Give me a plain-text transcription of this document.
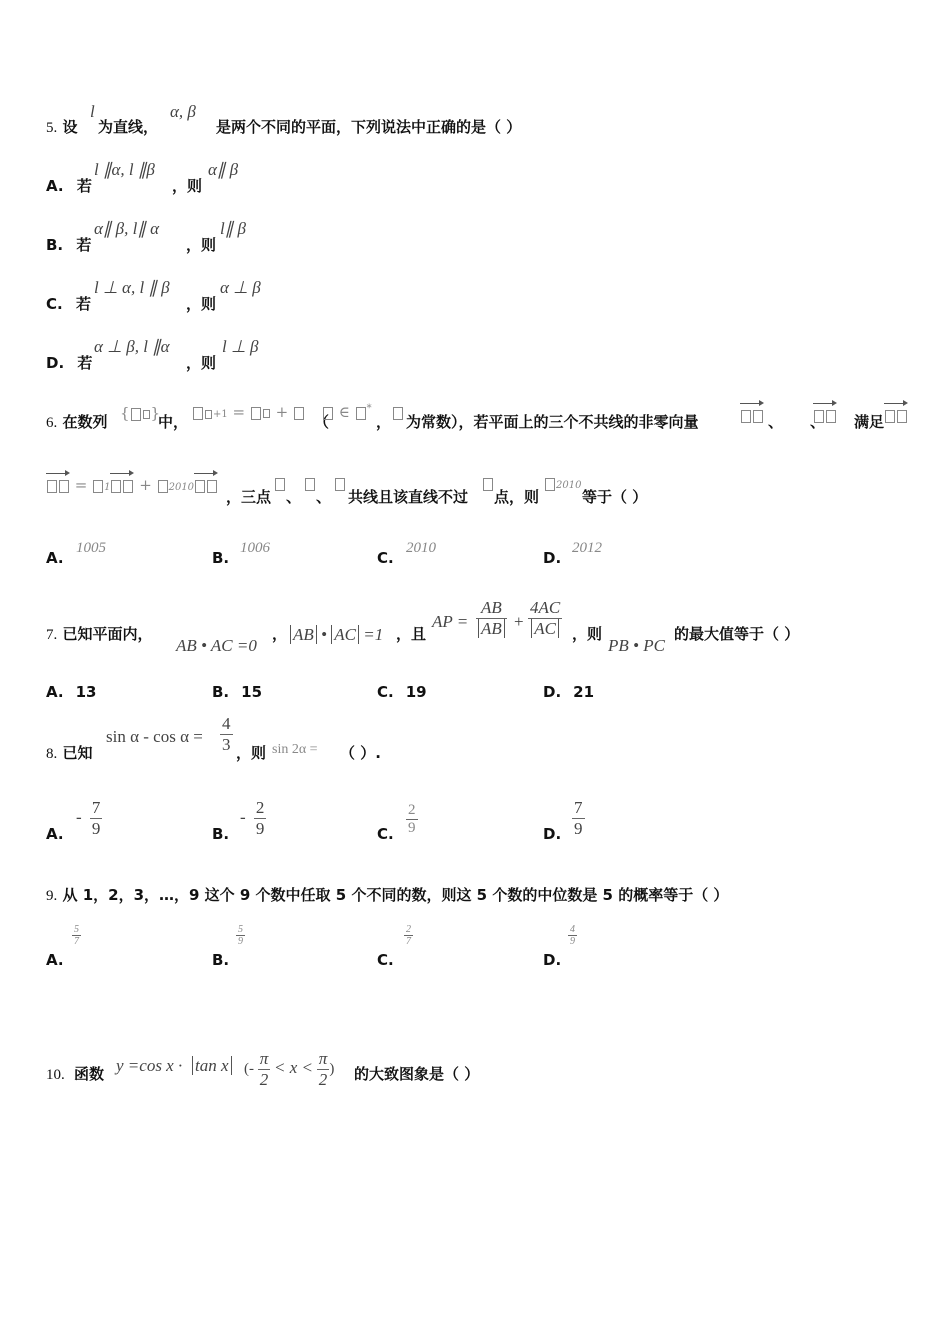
5. 设
l
为直线，
α, β
是两个不同的平面，下列说法中正确的是（ ）
A. 若
l ∥α, l ∥β
，则
α∥ β
B. 若
α∥ β, l∥ α
，则
l∥ β
C. 若
l ⊥ α, l ∥ β
，则
α ⊥ β
D. 若
α ⊥ β, l ∥α
，则
l ⊥ β
6. 在数列 { }
中，	+1 =  +
（
∈ *
， 为常数），若平面上的三个不共线的非零向量
	、
、 满足
= 1 + 2010
，三点 、 、 共线且该直线不过 点，则
2010
等于（ ）
A.
1005
B.
1006
C.
2010
D.
2012
7. 已知平面内，
AB • AC =0
， AB • AC =1 ，且
AP = $\frac{AB}{AB} + \frac{4AC}{AC}$ ，则
PB • PC
的最大值等于（ ）
A. 13	B. 15	C. 19	D. 21
8. 已知
$\sin \alpha - \cos \alpha = \frac{4}{3}$ ，则 sin 2α = （ ）.
A.
- $\frac{7}{9}$	B.
- $\frac{2}{9}$	C. $\frac{2}{9}$	D. $\frac{7}{9}$
9. 从 1，2，3，…，9 这个 9 个数中任取 5 个不同的数，则这 5 个数的中位数是 5 的概率等于（ ）
A.
$\frac{5}{7}$
B.
$\frac{5}{9}$
C.
$\frac{2}{7}$
D.
$\frac{4}{9}$
10. 函数 y =cos x · tan x (- $\frac{\pi}{2} < x < \frac{\pi}{2}$ ) 的大致图象是（ ）
